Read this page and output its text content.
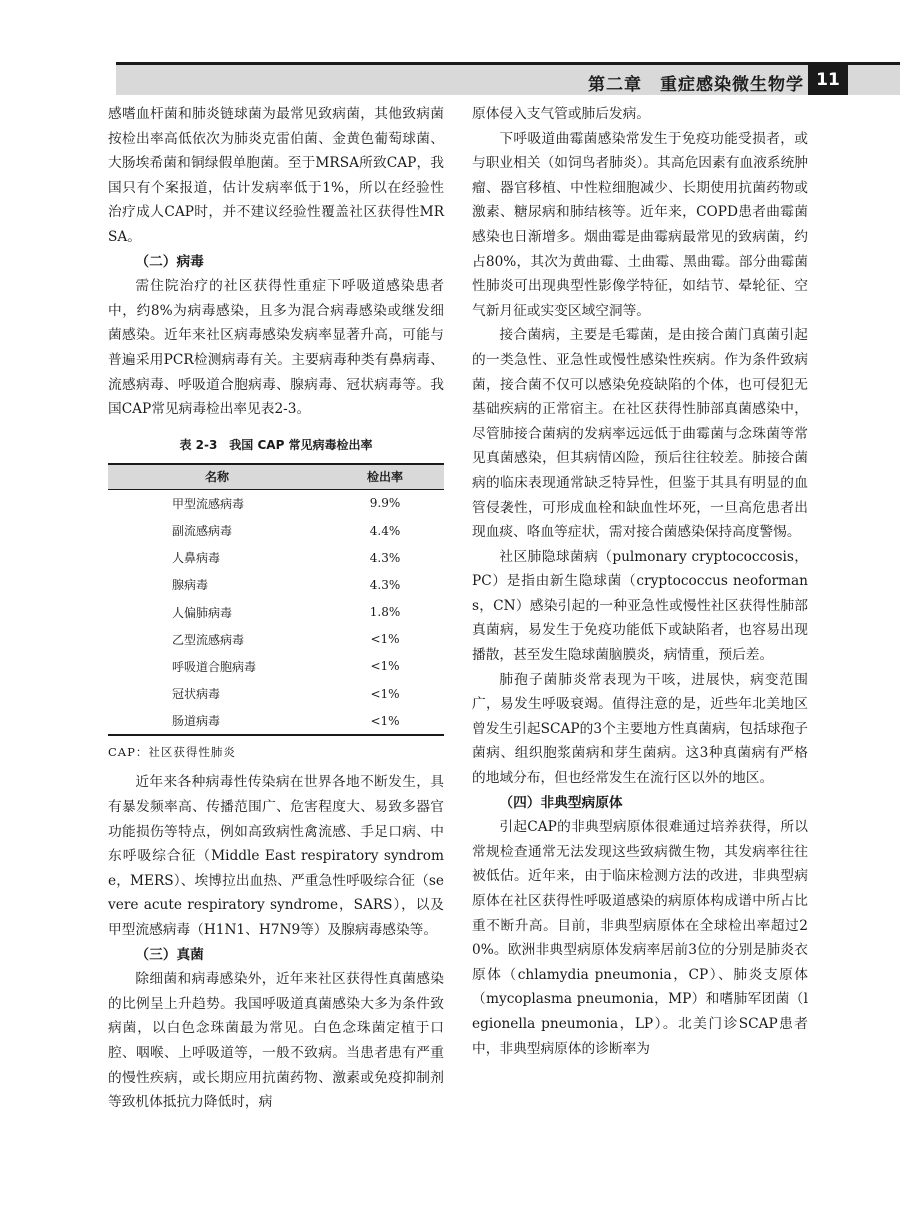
第二章　重症感染微生物学 11

感嗜血杆菌和肺炎链球菌为最常见致病菌，其他致病菌按检出率高低依次为肺炎克雷伯菌、金黄色葡萄球菌、大肠埃希菌和铜绿假单胞菌。至于MRSA所致CAP，我国只有个案报道，估计发病率低于1%，所以在经验性治疗成人CAP时，并不建议经验性覆盖社区获得性MRSA。

（二）病毒

需住院治疗的社区获得性重症下呼吸道感染患者中，约8%为病毒感染，且多为混合病毒感染或继发细菌感染。近年来社区病毒感染发病率显著升高，可能与普遍采用PCR检测病毒有关。主要病毒种类有鼻病毒、流感病毒、呼吸道合胞病毒、腺病毒、冠状病毒等。我国CAP常见病毒检出率见表2-3。

表 2-3　我国 CAP 常见病毒检出率
名称	检出率
甲型流感病毒	9.9%
副流感病毒	4.4%
人鼻病毒	4.3%
腺病毒	4.3%
人偏肺病毒	1.8%
乙型流感病毒	<1%
呼吸道合胞病毒	<1%
冠状病毒	<1%
肠道病毒	<1%
CAP：社区获得性肺炎

近年来各种病毒性传染病在世界各地不断发生，具有暴发频率高、传播范围广、危害程度大、易致多器官功能损伤等特点，例如高致病性禽流感、手足口病、中东呼吸综合征（Middle East respiratory syndrome，MERS）、埃博拉出血热、严重急性呼吸综合征（severe acute respiratory syndrome，SARS），以及甲型流感病毒（H1N1、H7N9等）及腺病毒感染等。

（三）真菌

除细菌和病毒感染外，近年来社区获得性真菌感染的比例呈上升趋势。我国呼吸道真菌感染大多为条件致病菌，以白色念珠菌最为常见。白色念珠菌定植于口腔、咽喉、上呼吸道等，一般不致病。当患者患有严重的慢性疾病，或长期应用抗菌药物、激素或免疫抑制剂等致机体抵抗力降低时，病

原体侵入支气管或肺后发病。

下呼吸道曲霉菌感染常发生于免疫功能受损者，或与职业相关（如饲鸟者肺炎）。其高危因素有血液系统肿瘤、器官移植、中性粒细胞减少、长期使用抗菌药物或激素、糖尿病和肺结核等。近年来，COPD患者曲霉菌感染也日渐增多。烟曲霉是曲霉病最常见的致病菌，约占80%，其次为黄曲霉、土曲霉、黑曲霉。部分曲霉菌性肺炎可出现典型性影像学特征，如结节、晕轮征、空气新月征或实变区域空洞等。

接合菌病，主要是毛霉菌，是由接合菌门真菌引起的一类急性、亚急性或慢性感染性疾病。作为条件致病菌，接合菌不仅可以感染免疫缺陷的个体，也可侵犯无基础疾病的正常宿主。在社区获得性肺部真菌感染中，尽管肺接合菌病的发病率远远低于曲霉菌与念珠菌等常见真菌感染，但其病情凶险，预后往往较差。肺接合菌病的临床表现通常缺乏特异性，但鉴于其具有明显的血管侵袭性，可形成血栓和缺血性坏死，一旦高危患者出现血痰、咯血等症状，需对接合菌感染保持高度警惕。

社区肺隐球菌病（pulmonary cryptococcosis，PC）是指由新生隐球菌（cryptococcus neoformans，CN）感染引起的一种亚急性或慢性社区获得性肺部真菌病，易发生于免疫功能低下或缺陷者，也容易出现播散，甚至发生隐球菌脑膜炎，病情重，预后差。

肺孢子菌肺炎常表现为干咳，进展快，病变范围广，易发生呼吸衰竭。值得注意的是，近些年北美地区曾发生引起SCAP的3个主要地方性真菌病，包括球孢子菌病、组织胞浆菌病和芽生菌病。这3种真菌病有严格的地域分布，但也经常发生在流行区以外的地区。

（四）非典型病原体

引起CAP的非典型病原体很难通过培养获得，所以常规检查通常无法发现这些致病微生物，其发病率往往被低估。近年来，由于临床检测方法的改进，非典型病原体在社区获得性呼吸道感染的病原体构成谱中所占比重不断升高。目前，非典型病原体在全球检出率超过20%。欧洲非典型病原体发病率居前3位的分别是肺炎衣原体（chlamydia pneumonia，CP）、肺炎支原体（mycoplasma pneumonia，MP）和嗜肺军团菌（legionella pneumonia，LP）。北美门诊SCAP患者中，非典型病原体的诊断率为
